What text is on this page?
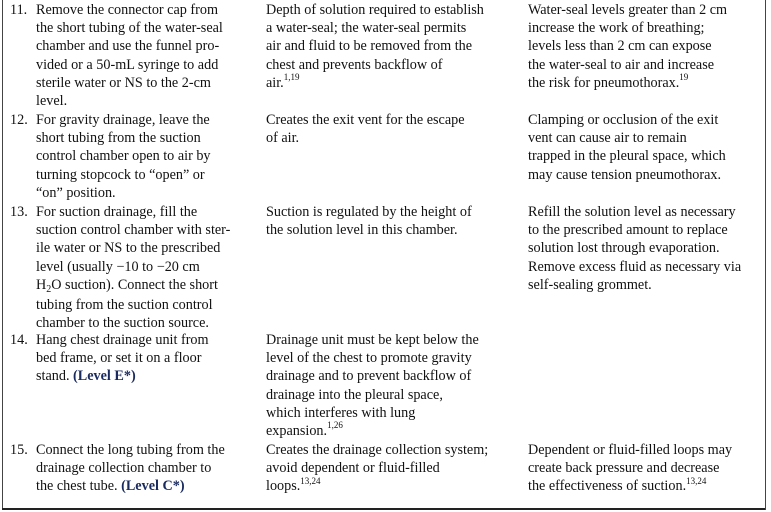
11. Remove the connector cap from
the short tubing of the water-seal
chamber and use the funnel pro-
vided or a 50-mL syringe to add
sterile water or NS to the 2-cm
level.
Depth of solution required to establish
a water-seal; the water-seal permits
air and fluid to be removed from the
chest and prevents backflow of
air.$^{1,19}$
Water-seal levels greater than 2 cm
increase the work of breathing;
levels less than 2 cm can expose
the water-seal to air and increase
the risk for pneumothorax.$^{19}$
12. For gravity drainage, leave the
short tubing from the suction
control chamber open to air by
turning stopcock to “open” or
“on” position.
Creates the exit vent for the escape
of air.
Clamping or occlusion of the exit
vent can cause air to remain
trapped in the pleural space, which
may cause tension pneumothorax.
13. For suction drainage, fill the
suction control chamber with ster-
ile water or NS to the prescribed
level (usually −10 to −20 cm
$H_2O$ suction). Connect the short
tubing from the suction control
chamber to the suction source.
Suction is regulated by the height of
the solution level in this chamber.
Refill the solution level as necessary
to the prescribed amount to replace
solution lost through evaporation.
Remove excess fluid as necessary via
self-sealing grommet.
14. Hang chest drainage unit from
bed frame, or set it on a floor
stand. (Level E*)
Drainage unit must be kept below the
level of the chest to promote gravity
drainage and to prevent backflow of
drainage into the pleural space,
which interferes with lung
expansion.$^{1,26}$
15. Connect the long tubing from the
drainage collection chamber to
the chest tube. (Level C*)
Creates the drainage collection system;
avoid dependent or fluid-filled
loops.$^{13,24}$
Dependent or fluid-filled loops may
create back pressure and decrease
the effectiveness of suction.$^{13,24}$
